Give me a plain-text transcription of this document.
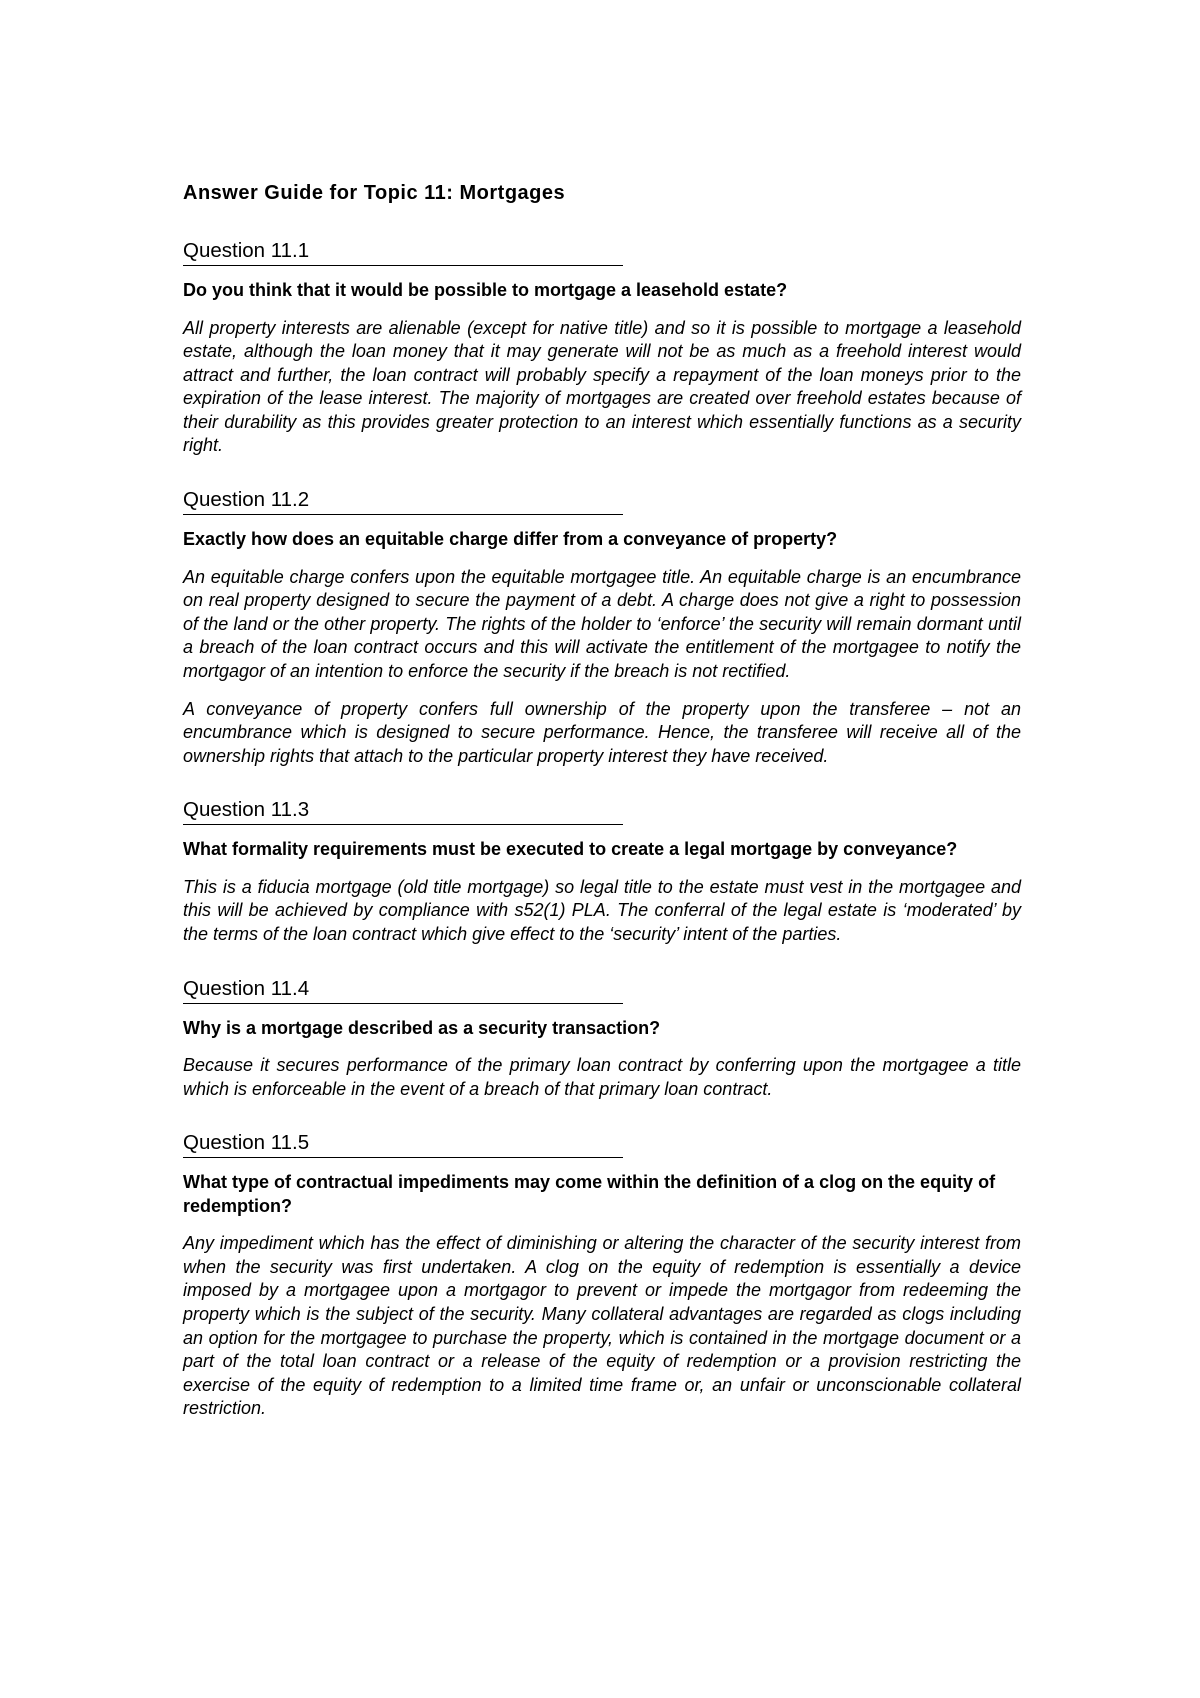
Answer Guide for Topic 11: Mortgages
Question 11.1
Do you think that it would be possible to mortgage a leasehold estate?

All property interests are alienable (except for native title) and so it is possible to mortgage a leasehold estate, although the loan money that it may generate will not be as much as a freehold interest would attract and further, the loan contract will probably specify a repayment of the loan moneys prior to the expiration of the lease interest. The majority of mortgages are created over freehold estates because of their durability as this provides greater protection to an interest which essentially functions as a security right.

Question 11.2
Exactly how does an equitable charge differ from a conveyance of property?

An equitable charge confers upon the equitable mortgagee title. An equitable charge is an encumbrance on real property designed to secure the payment of a debt. A charge does not give a right to possession of the land or the other property. The rights of the holder to ‘enforce’ the security will remain dormant until a breach of the loan contract occurs and this will activate the entitlement of the mortgagee to notify the mortgagor of an intention to enforce the security if the breach is not rectified.

A conveyance of property confers full ownership of the property upon the transferee – not an encumbrance which is designed to secure performance. Hence, the transferee will receive all of the ownership rights that attach to the particular property interest they have received.

Question 11.3
What formality requirements must be executed to create a legal mortgage by conveyance?

This is a fiducia mortgage (old title mortgage) so legal title to the estate must vest in the mortgagee and this will be achieved by compliance with s52(1) PLA. The conferral of the legal estate is ‘moderated’ by the terms of the loan contract which give effect to the ‘security’ intent of the parties.

Question 11.4
Why is a mortgage described as a security transaction?

Because it secures performance of the primary loan contract by conferring upon the mortgagee a title which is enforceable in the event of a breach of that primary loan contract.

Question 11.5
What type of contractual impediments may come within the definition of a clog on the equity of redemption?

Any impediment which has the effect of diminishing or altering the character of the security interest from when the security was first undertaken. A clog on the equity of redemption is essentially a device imposed by a mortgagee upon a mortgagor to prevent or impede the mortgagor from redeeming the property which is the subject of the security. Many collateral advantages are regarded as clogs including an option for the mortgagee to purchase the property, which is contained in the mortgage document or a part of the total loan contract or a release of the equity of redemption or a provision restricting the exercise of the equity of redemption to a limited time frame or, an unfair or unconscionable collateral restriction.
